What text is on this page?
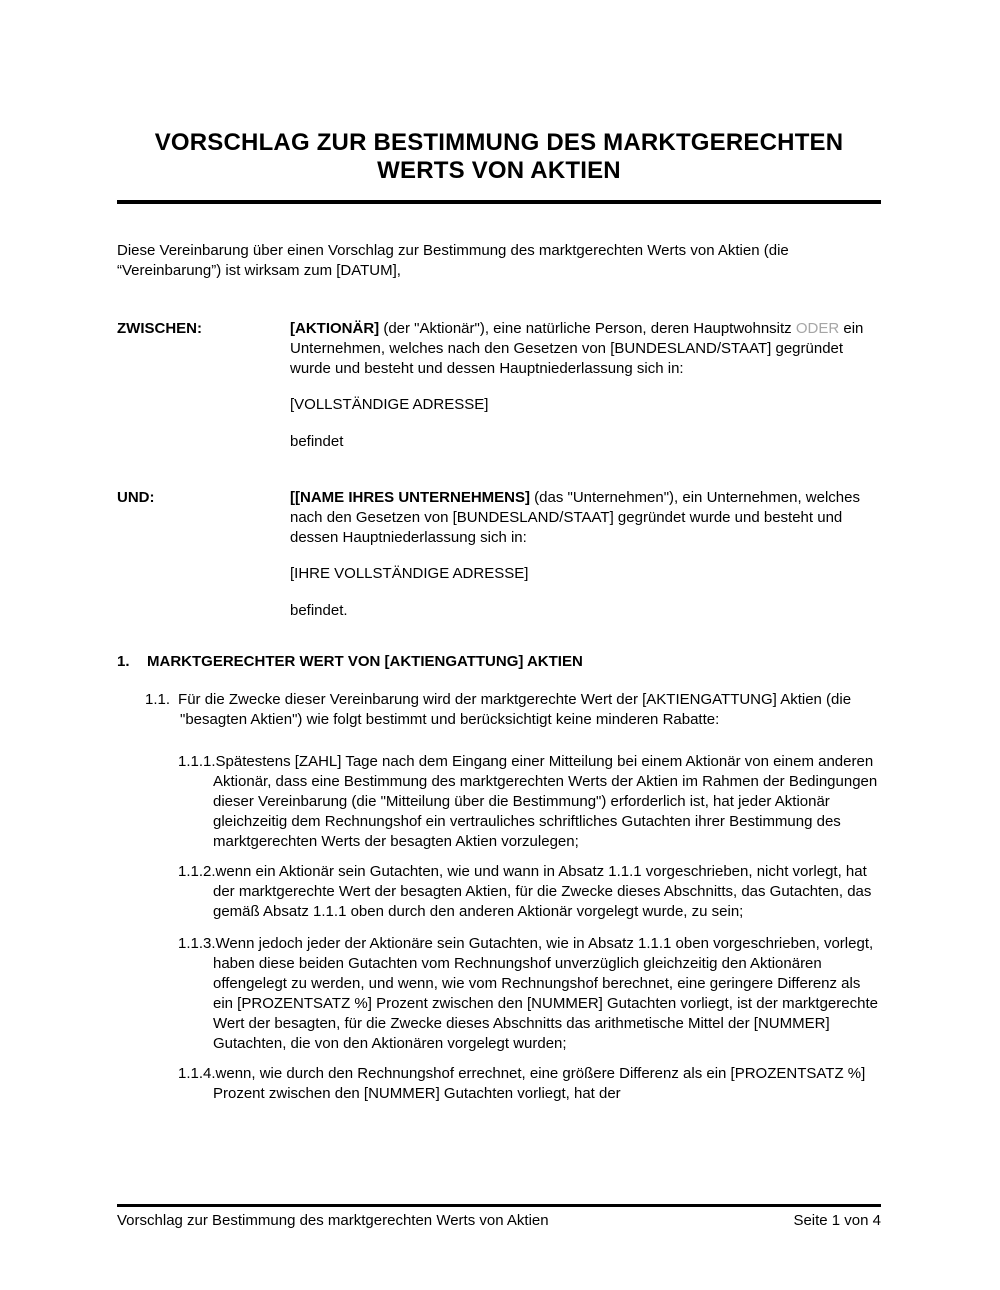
VORSCHLAG ZUR BESTIMMUNG DES MARKTGERECHTEN WERTS VON AKTIEN

Diese Vereinbarung über einen Vorschlag zur Bestimmung des marktgerechten Werts von Aktien (die “Vereinbarung”) ist wirksam zum [DATUM],

ZWISCHEN:	[AKTIONÄR] (der "Aktionär"), eine natürliche Person, deren Hauptwohnsitz ODER ein Unternehmen, welches nach den Gesetzen von [BUNDESLAND/STAAT] gegründet wurde und besteht und dessen Hauptniederlassung sich in:

[VOLLSTÄNDIGE ADRESSE]

befindet

UND:	[[NAME IHRES UNTERNEHMENS] (das "Unternehmen"), ein Unternehmen, welches nach den Gesetzen von [BUNDESLAND/STAAT] gegründet wurde und besteht und dessen Hauptniederlassung sich in:

[IHRE VOLLSTÄNDIGE ADRESSE]

befindet.

1. MARKTGERECHTER WERT VON [AKTIENGATTUNG] AKTIEN
1.1. Für die Zwecke dieser Vereinbarung wird der marktgerechte Wert der [AKTIENGATTUNG] Aktien (die "besagten Aktien") wie folgt bestimmt und berücksichtigt keine minderen Rabatte:
1.1.1.Spätestens [ZAHL] Tage nach dem Eingang einer Mitteilung bei einem Aktionär von einem anderen Aktionär, dass eine Bestimmung des marktgerechten Werts der Aktien im Rahmen der Bedingungen dieser Vereinbarung (die "Mitteilung über die Bestimmung") erforderlich ist, hat jeder Aktionär gleichzeitig dem Rechnungshof ein vertrauliches schriftliches Gutachten ihrer Bestimmung des marktgerechten Werts der besagten Aktien vorzulegen;
1.1.2.wenn ein Aktionär sein Gutachten, wie und wann in Absatz 1.1.1 vorgeschrieben, nicht vorlegt, hat der marktgerechte Wert der besagten Aktien, für die Zwecke dieses Abschnitts, das Gutachten, das gemäß Absatz 1.1.1 oben durch den anderen Aktionär vorgelegt wurde, zu sein;
1.1.3.Wenn jedoch jeder der Aktionäre sein Gutachten, wie in Absatz 1.1.1 oben vorgeschrieben, vorlegt, haben diese beiden Gutachten vom Rechnungshof unverzüglich gleichzeitig den Aktionären offengelegt zu werden, und wenn, wie vom Rechnungshof berechnet, eine geringere Differenz als ein [PROZENTSATZ %] Prozent zwischen den [NUMMER] Gutachten vorliegt, ist der marktgerechte Wert der besagten, für die Zwecke dieses Abschnitts das arithmetische Mittel der [NUMMER] Gutachten, die von den Aktionären vorgelegt wurden;
1.1.4.wenn, wie durch den Rechnungshof errechnet, eine größere Differenz als ein [PROZENTSATZ %] Prozent zwischen den [NUMMER] Gutachten vorliegt, hat der
Vorschlag zur Bestimmung des marktgerechten Werts von Aktien	Seite 1 von 4
